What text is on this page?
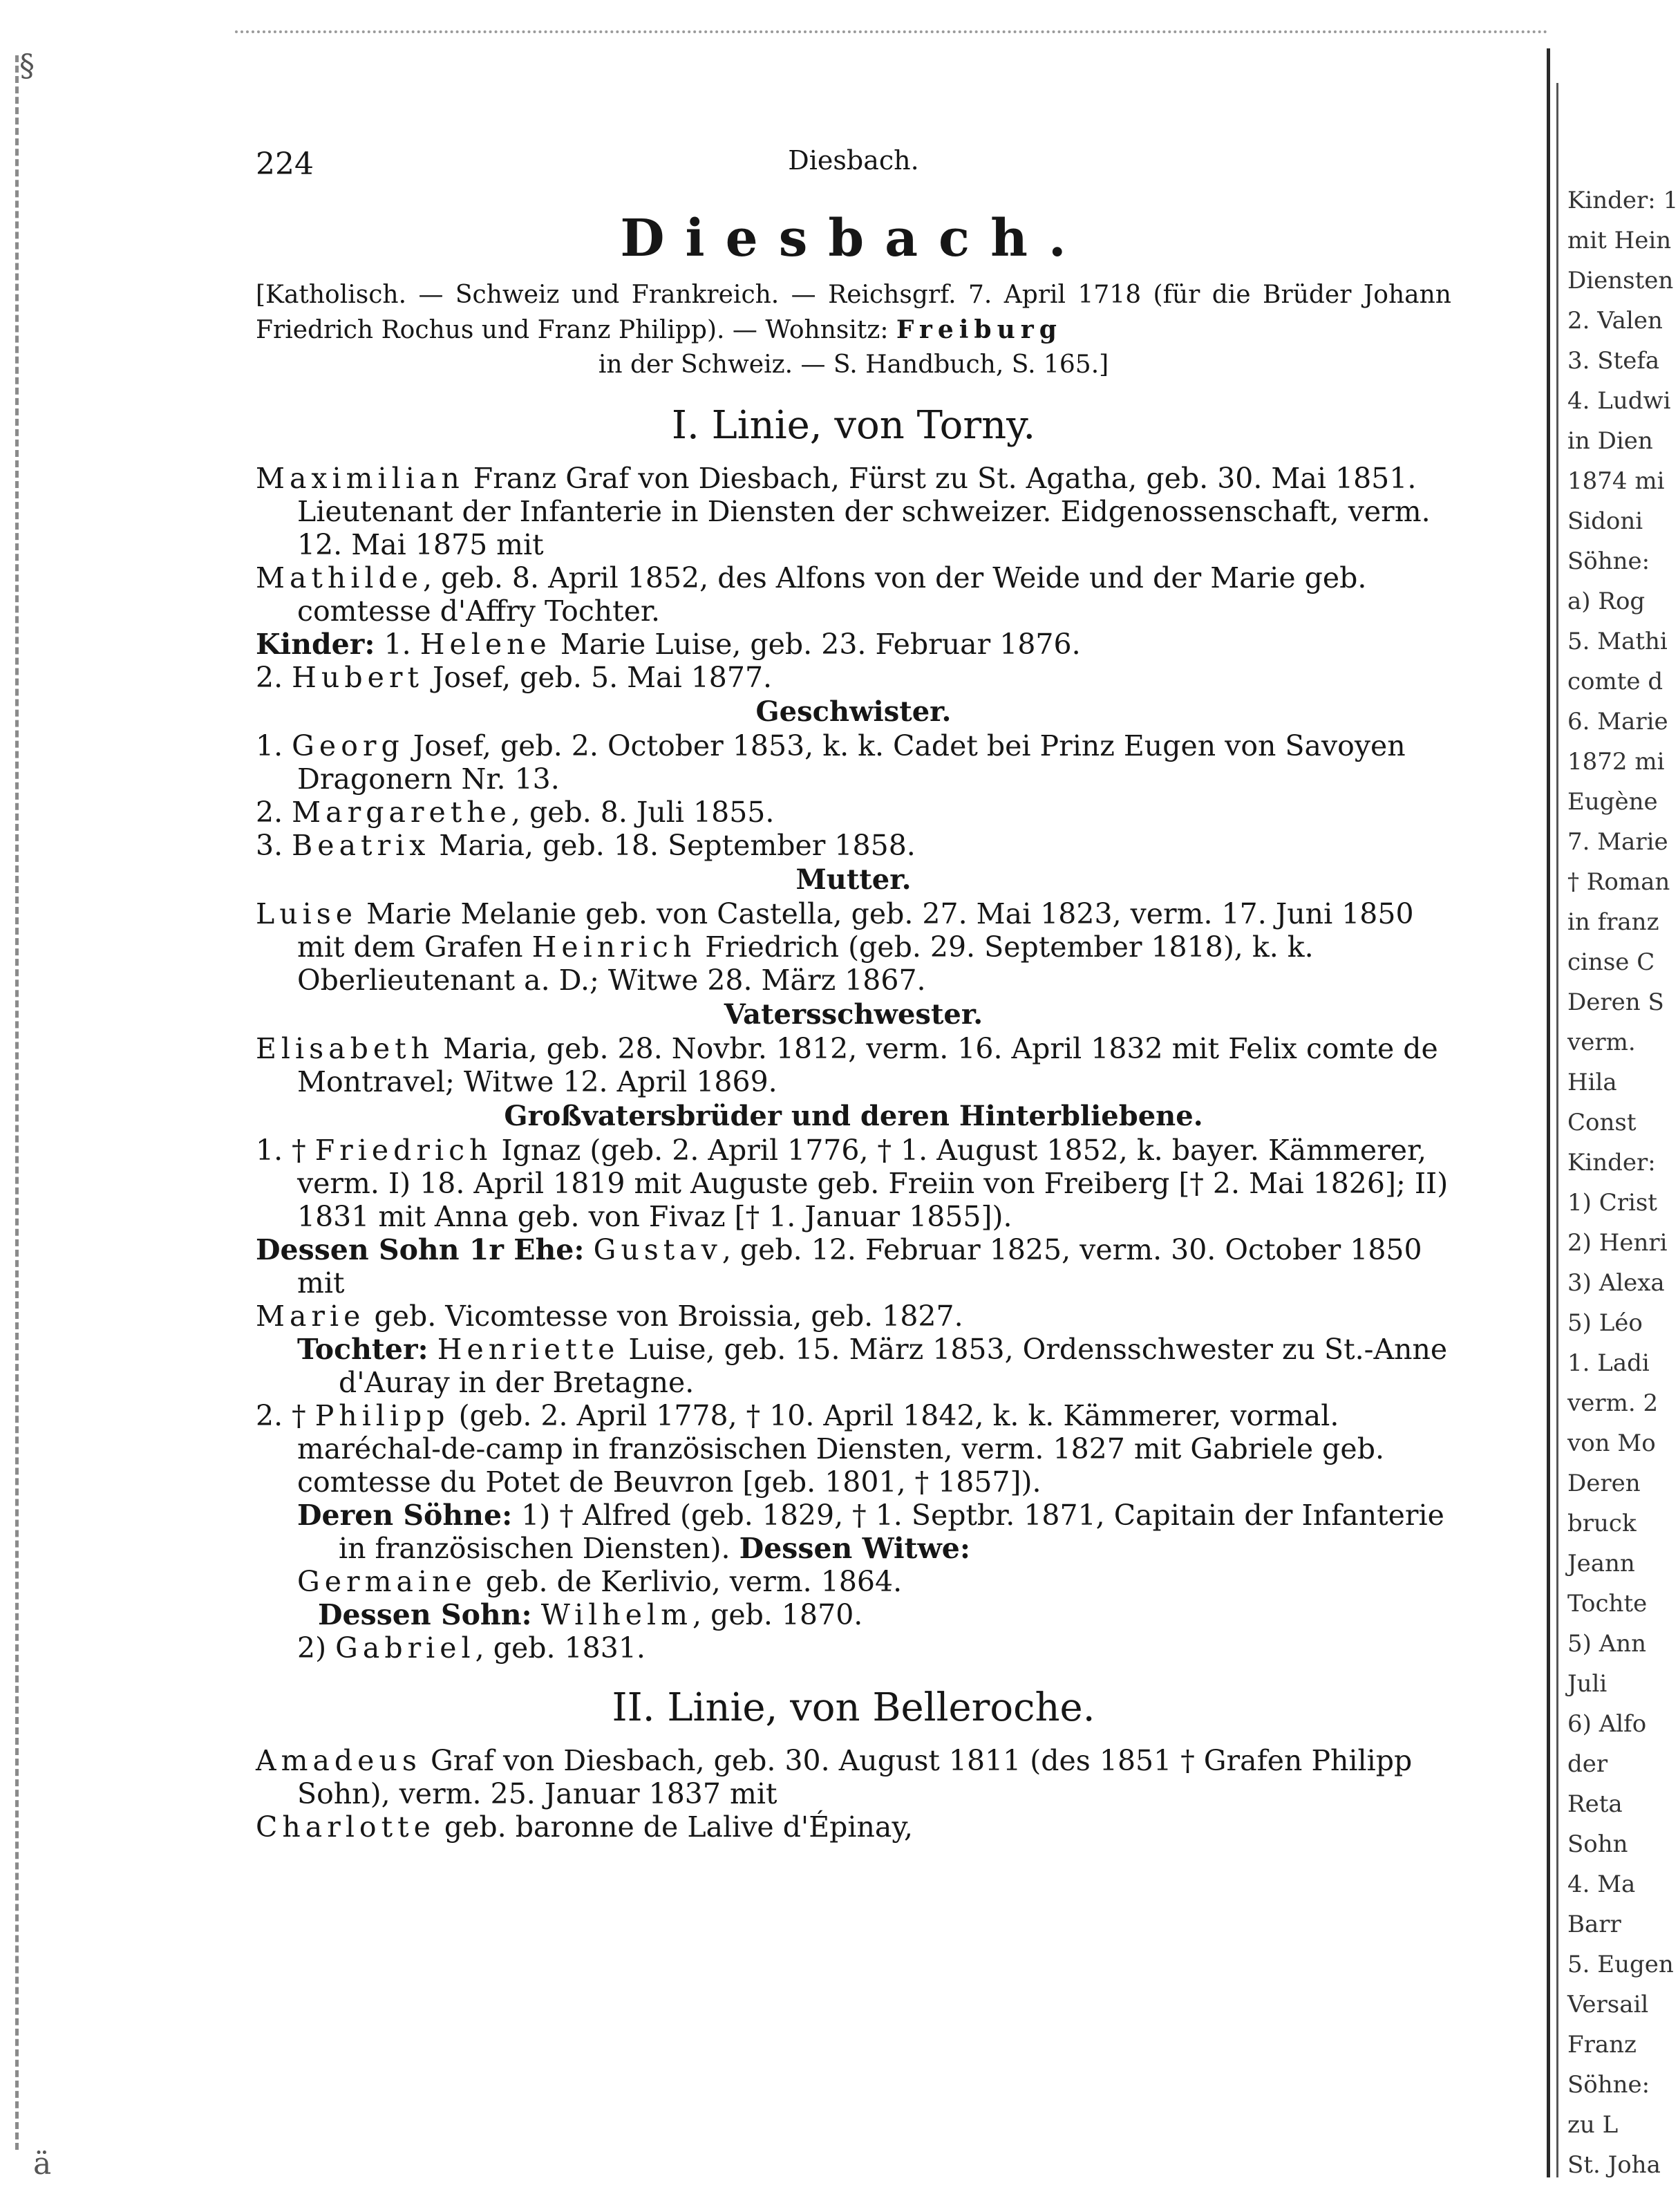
§
ä
224	Diesbach.
Diesbach.

[Katholisch. — Schweiz und Frankreich. — Reichsgrf. 7. April 1718 (für die Brüder Johann Friedrich Rochus und Franz Philipp). — Wohnsitz: Freiburg
in der Schweiz. — S. Handbuch, S. 165.]

I. Linie, von Torny.

Maximilian Franz Graf von Diesbach, Fürst zu St. Agatha, geb. 30. Mai 1851. Lieutenant der Infanterie in Diensten der schweizer. Eidgenossenschaft, verm. 12. Mai 1875 mit

Mathilde, geb. 8. April 1852, des Alfons von der Weide und der Marie geb. comtesse d'Affry Tochter.

Kinder: 1. Helene Marie Luise, geb. 23. Februar 1876.

2. Hubert Josef, geb. 5. Mai 1877.

Geschwister.

1. Georg Josef, geb. 2. October 1853, k. k. Cadet bei Prinz Eugen von Savoyen Dragonern Nr. 13.

2. Margarethe, geb. 8. Juli 1855.

3. Beatrix Maria, geb. 18. September 1858.

Mutter.

Luise Marie Melanie geb. von Castella, geb. 27. Mai 1823, verm. 17. Juni 1850 mit dem Grafen Heinrich Friedrich (geb. 29. September 1818), k. k. Oberlieutenant a. D.; Witwe 28. März 1867.

Vatersschwester.

Elisabeth Maria, geb. 28. Novbr. 1812, verm. 16. April 1832 mit Felix comte de Montravel; Witwe 12. April 1869.

Großvatersbrüder und deren Hinterbliebene.

1. † Friedrich Ignaz (geb. 2. April 1776, † 1. August 1852, k. bayer. Kämmerer, verm. I) 18. April 1819 mit Auguste geb. Freiin von Freiberg [† 2. Mai 1826]; II) 1831 mit Anna geb. von Fivaz [† 1. Januar 1855]).

Dessen Sohn 1r Ehe: Gustav, geb. 12. Februar 1825, verm. 30. October 1850 mit

Marie geb. Vicomtesse von Broissia, geb. 1827.

Tochter: Henriette Luise, geb. 15. März 1853, Ordensschwester zu St.-Anne d'Auray in der Bretagne.

2. † Philipp (geb. 2. April 1778, † 10. April 1842, k. k. Kämmerer, vormal. maréchal-de-camp in französischen Diensten, verm. 1827 mit Gabriele geb. comtesse du Potet de Beuvron [geb. 1801, † 1857]).

Deren Söhne: 1) † Alfred (geb. 1829, † 1. Septbr. 1871, Capitain der Infanterie in französischen Diensten). Dessen Witwe:

Germaine geb. de Kerlivio, verm. 1864.

Dessen Sohn: Wilhelm, geb. 1870.

2) Gabriel, geb. 1831.

II. Linie, von Belleroche.

Amadeus Graf von Diesbach, geb. 30. August 1811 (des 1851 † Grafen Philipp Sohn), verm. 25. Januar 1837 mit

Charlotte geb. baronne de Lalive d'Épinay,

Kinder: 1
mit Hein
Diensten
2. Valen
3. Stefa
4. Ludwi
in Dien
1874 mi
Sidoni
Söhne:
a) Rog
5. Mathi
comte d
6. Marie
1872 mi
Eugène
7. Marie
† Roman
in franz
cinse C
Deren S
verm.
Hila
Const
Kinder:
1) Crist
2) Henri
3) Alexa
5) Léo
1. Ladi
verm. 2
von Mo
Deren
bruck
Jeann
Tochte
5) Ann
Juli
6) Alfo
der
Reta
Sohn
4. Ma
Barr
5. Eugen
Versail
Franz
Söhne:
zu L
St. Joha
